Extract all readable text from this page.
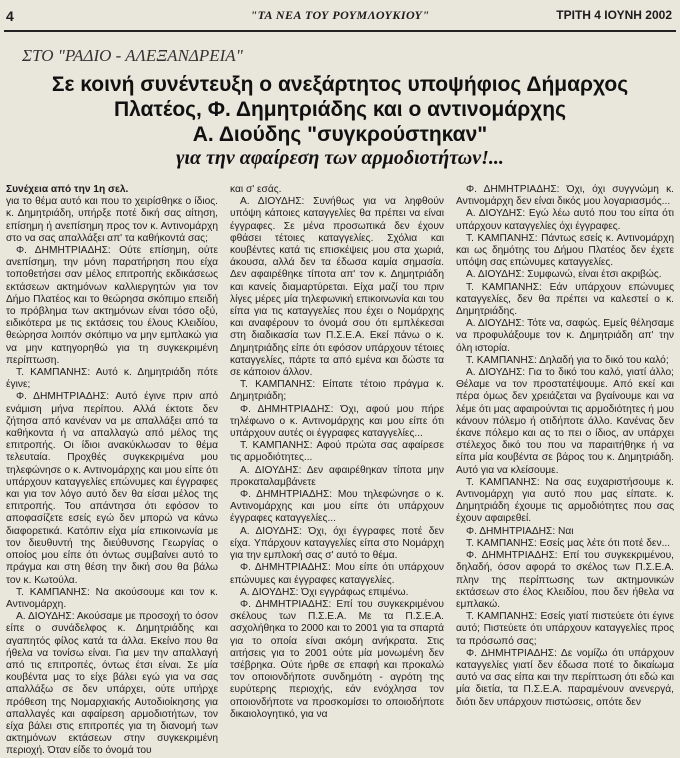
4	"ΤΑ ΝΕΑ ΤΟΥ ΡΟΥΜΛΟΥΚΙΟΥ"	ΤΡΙΤΗ 4 ΙΟΥΝΗ 2002
ΣΤΟ "ΡΑΔΙΟ - ΑΛΕΞΑΝΔΡΕΙΑ"
Σε κοινή συνέντευξη ο ανεξάρτητος υποψήφιος Δήμαρχος
Πλατέος, Φ. Δημητριάδης και ο αντινομάρχης
Α. Διούδης "συγκρούστηκαν"
για την αφαίρεση των αρμοδιοτήτων!...

Συνέχεια από την 1η σελ.

για το θέμα αυτό και που το χειρίσθηκε ο ίδιος. κ. Δημητριάδη, υπήρξε ποτέ δική σας αίτηση, επίσημη ή ανεπίσημη προς τον κ. Αντινομάρχη στο να σας απαλλάξει απ' τα καθήκοντά σας;

Φ. ΔΗΜΗΤΡΙΑΔΗΣ: Ούτε επίσημη, ούτε ανεπίσημη, την μόνη παρατήρηση που είχα τοποθετήσει σαν μέλος επιτροπής εκδικάσεως εκτάσεων ακτημόνων καλλιεργητών για τον Δήμο Πλατέος και το θεώρησα σκόπιμο επειδή το πρόβλημα των ακτημόνων είναι τόσο οξύ, ειδικότερα με τις εκτάσεις του έλους Κλειδίου, θεώρησα λοιπόν σκόπιμο να μην εμπλακώ για να μην κατηγορηθώ για τη συγκεκριμένη περίπτωση.

Τ. ΚΑΜΠΑΝΗΣ: Αυτό κ. Δημητριάδη πότε έγινε;

Φ. ΔΗΜΗΤΡΙΑΔΗΣ: Αυτό έγινε πριν από ενάμιση μήνα περίπου. Αλλά έκτοτε δεν ζήτησα από κανέναν να με απαλλάξει από τα καθήκοντα ή να απαλλαγώ από μέλος της επιτροπής. Οι ίδιοι ανακύκλωσαν το θέμα τελευταία. Προχθές συγκεκριμένα μου τηλεφώνησε ο κ. Αντινομάρχης και μου είπε ότι υπάρχουν καταγγελίες επώνυμες και έγγραφες και για τον λόγο αυτό δεν θα είσαι μέλος της επιτροπής. Του απάντησα ότι εφόσον το αποφασίζετε εσείς εγώ δεν μπορώ να κάνω διαφορετικά. Κατόπιν είχα μία επικοινωνία με τον διευθυντή της διεύθυνσης Γεωργίας ο οποίος μου είπε ότι όντως συμβαίνει αυτό το πράγμα και στη θέση την δική σου θα βάλω τον κ. Κωτούλα.

Τ. ΚΑΜΠΑΝΗΣ: Να ακούσουμε και τον κ. Αντινομάρχη.

Α. ΔΙΟΥΔΗΣ: Ακούσαμε με προσοχή το όσον είπε ο συνάδελφος κ. Δημητριάδης και αγαπητός φίλος κατά τα άλλα. Εκείνο που θα ήθελα να τονίσω είναι. Για μεν την απαλλαγή από τις επιτροπές, όντως έτσι είναι. Σε μία κουβέντα μας το είχε βάλει εγώ για να σας απαλλάξω σε δεν υπάρχει, ούτε υπήρχε πρόθεση της Νομαρχιακής Αυτοδιοίκησης για απαλλαγές και αφαίρεση αρμοδιοτήτων, τον είχα βάλει στις επιτροπές για τη διανομή των ακτημόνων εκτάσεων στην συγκεκριμένη περιοχή. Όταν είδε το όνομά του

και σ' εσάς.

Α. ΔΙΟΥΔΗΣ: Συνήθως για να ληφθούν υπόψη κάποιες καταγγελίες θα πρέπει να είναι έγγραφες. Σε μένα προσωπικά δεν έχουν φθάσει τέτοιες καταγγελίες. Σχόλια και κουβέντες κατά τις επισκέψεις μου στα χωριά, άκουσα, αλλά δεν τα έδωσα καμία σημασία. Δεν αφαιρέθηκε τίποτα απ' τον κ. Δημητριάδη και κανείς διαμαρτύρεται. Είχα μαζί του πριν λίγες μέρες μία τηλεφωνική επικοινωνία και του είπα για τις καταγγελίες που έχει ο Νομάρχης και αναφέρουν το όνομά σου ότι εμπλέκεσαι στη διαδικασία των Π.Σ.Ε.Α. Εκεί πάνω ο κ. Δημητριάδης είπε ότι εφόσον υπάρχουν τέτοιες καταγγελίες, πάρτε τα από εμένα και δώστε τα σε κάποιον άλλον.

Τ. ΚΑΜΠΑΝΗΣ: Είπατε τέτοιο πράγμα κ. Δημητριάδη;

Φ. ΔΗΜΗΤΡΙΑΔΗΣ: Όχι, αφού μου πήρε τηλέφωνο ο κ. Αντινομάρχης και μου είπε ότι υπάρχουν αυτές οι έγγραφες καταγγελίες...

Τ. ΚΑΜΠΑΝΗΣ: Αφού πρώτα σας αφαίρεσε τις αρμοδιότητες...

Α. ΔΙΟΥΔΗΣ: Δεν αφαιρέθηκαν τίποτα μην προκαταλαμβάνετε

Φ. ΔΗΜΗΤΡΙΑΔΗΣ: Μου τηλεφώνησε ο κ. Αντινομάρχης και μου είπε ότι υπάρχουν έγγραφες καταγγελίες...

Α. ΔΙΟΥΔΗΣ: Όχι, όχι έγγραφες ποτέ δεν είχα. Υπάρχουν καταγγελίες είπα στο Νομάρχη για την εμπλοκή σας σ' αυτό το θέμα.

Φ. ΔΗΜΗΤΡΙΑΔΗΣ: Μου είπε ότι υπάρχουν επώνυμες και έγγραφες καταγγελίες.

Α. ΔΙΟΥΔΗΣ: Όχι εγγράφως επιμένω.

Φ. ΔΗΜΗΤΡΙΑΔΗΣ: Επί του συγκεκριμένου σκέλους των Π.Σ.Ε.Α. Με τα Π.Σ.Ε.Α. ασχολήθηκα το 2000 και το 2001 για τα σπαρτά για το οποία είναι ακόμη ανήκρατα. Στις αιτήσεις για το 2001 ούτε μία μονωμένη δεν τσέβρηκα. Ούτε ήρθε σε επαφή και προκαλώ τον οποιονδήποτε συνδημότη - αγρότη της ευρύτερης περιοχής, εάν ενόχλησα τον οποιονδήποτε να προσκομίσει το οποιοδήποτε δικαιολογητικό, για να

Φ. ΔΗΜΗΤΡΙΑΔΗΣ: Όχι, όχι συγγνώμη κ. Αντινομάρχη δεν είναι δικός μου λογαριασμός...

Α. ΔΙΟΥΔΗΣ: Εγώ λέω αυτό που του είπα ότι υπάρχουν καταγγελίες όχι έγγραφες.

Τ. ΚΑΜΠΑΝΗΣ: Πάντως εσείς κ. Αντινομάρχη και ως δημότης του Δήμου Πλατέος δεν έχετε υπόψη σας επώνυμες καταγγελίες.

Α. ΔΙΟΥΔΗΣ: Συμφωνώ, είναι έτσι ακριβώς.

Τ. ΚΑΜΠΑΝΗΣ: Εάν υπάρχουν επώνυμες καταγγελίες, δεν θα πρέπει να καλεστεί ο κ. Δημητριάδης.

Α. ΔΙΟΥΔΗΣ: Τότε να, σαφώς. Εμείς θέλησαμε να προφυλάξουμε τον κ. Δημητριάδη απ' την όλη ιστορία.

Τ. ΚΑΜΠΑΝΗΣ: Δηλαδή για το δικό του καλό;

Α. ΔΙΟΥΔΗΣ: Για το δικό του καλό, γιατί άλλο; Θέλαμε να τον προστατέψουμε. Από εκεί και πέρα όμως δεν χρειάζεται να βγαίνουμε και να λέμε ότι μας αφαιρούνται τις αρμοδιότητες ή μου κάνουν πόλεμο ή οτιδήποτε άλλο. Κανένας δεν έκανε πόλεμο και ας το πει ο ίδιος, αν υπάρχει στέλεχος δικό του που να παραιτήθηκε ή να είπα μία κουβέντα σε βάρος του κ. Δημητριάδη. Αυτό για να κλείσουμε.

Τ. ΚΑΜΠΑΝΗΣ: Να σας ευχαριστήσουμε κ. Αντινομάρχη για αυτό που μας είπατε. κ. Δημητριάδη έχουμε τις αρμοδιότητες που σας έχουν αφαιρεθεί.

Φ. ΔΗΜΗΤΡΙΑΔΗΣ: Ναι

Τ. ΚΑΜΠΑΝΗΣ: Εσείς μας λέτε ότι ποτέ δεν...

Φ. ΔΗΜΗΤΡΙΑΔΗΣ: Επί του συγκεκριμένου, δηλαδή, όσον αφορά το σκέλος των Π.Σ.Ε.Α. πλην της περίπτωσης των ακτημονικών εκτάσεων στο έλος Κλειδίου, που δεν ήθελα να εμπλακώ.

Τ. ΚΑΜΠΑΝΗΣ: Εσείς γιατί πιστεύετε ότι έγινε αυτό; Πιστεύετε ότι υπάρχουν καταγγελίες προς τα πρόσωπό σας;

Φ. ΔΗΜΗΤΡΙΑΔΗΣ: Δε νομίζω ότι υπάρχουν καταγγελίες γιατί δεν έδωσα ποτέ το δικαίωμα αυτό να σας είπα και την περίπτωση ότι εδώ και μία διετία, τα Π.Σ.Ε.Α. παραμένουν ανενεργά, διότι δεν υπάρχουν πιστώσεις, οπότε δεν
